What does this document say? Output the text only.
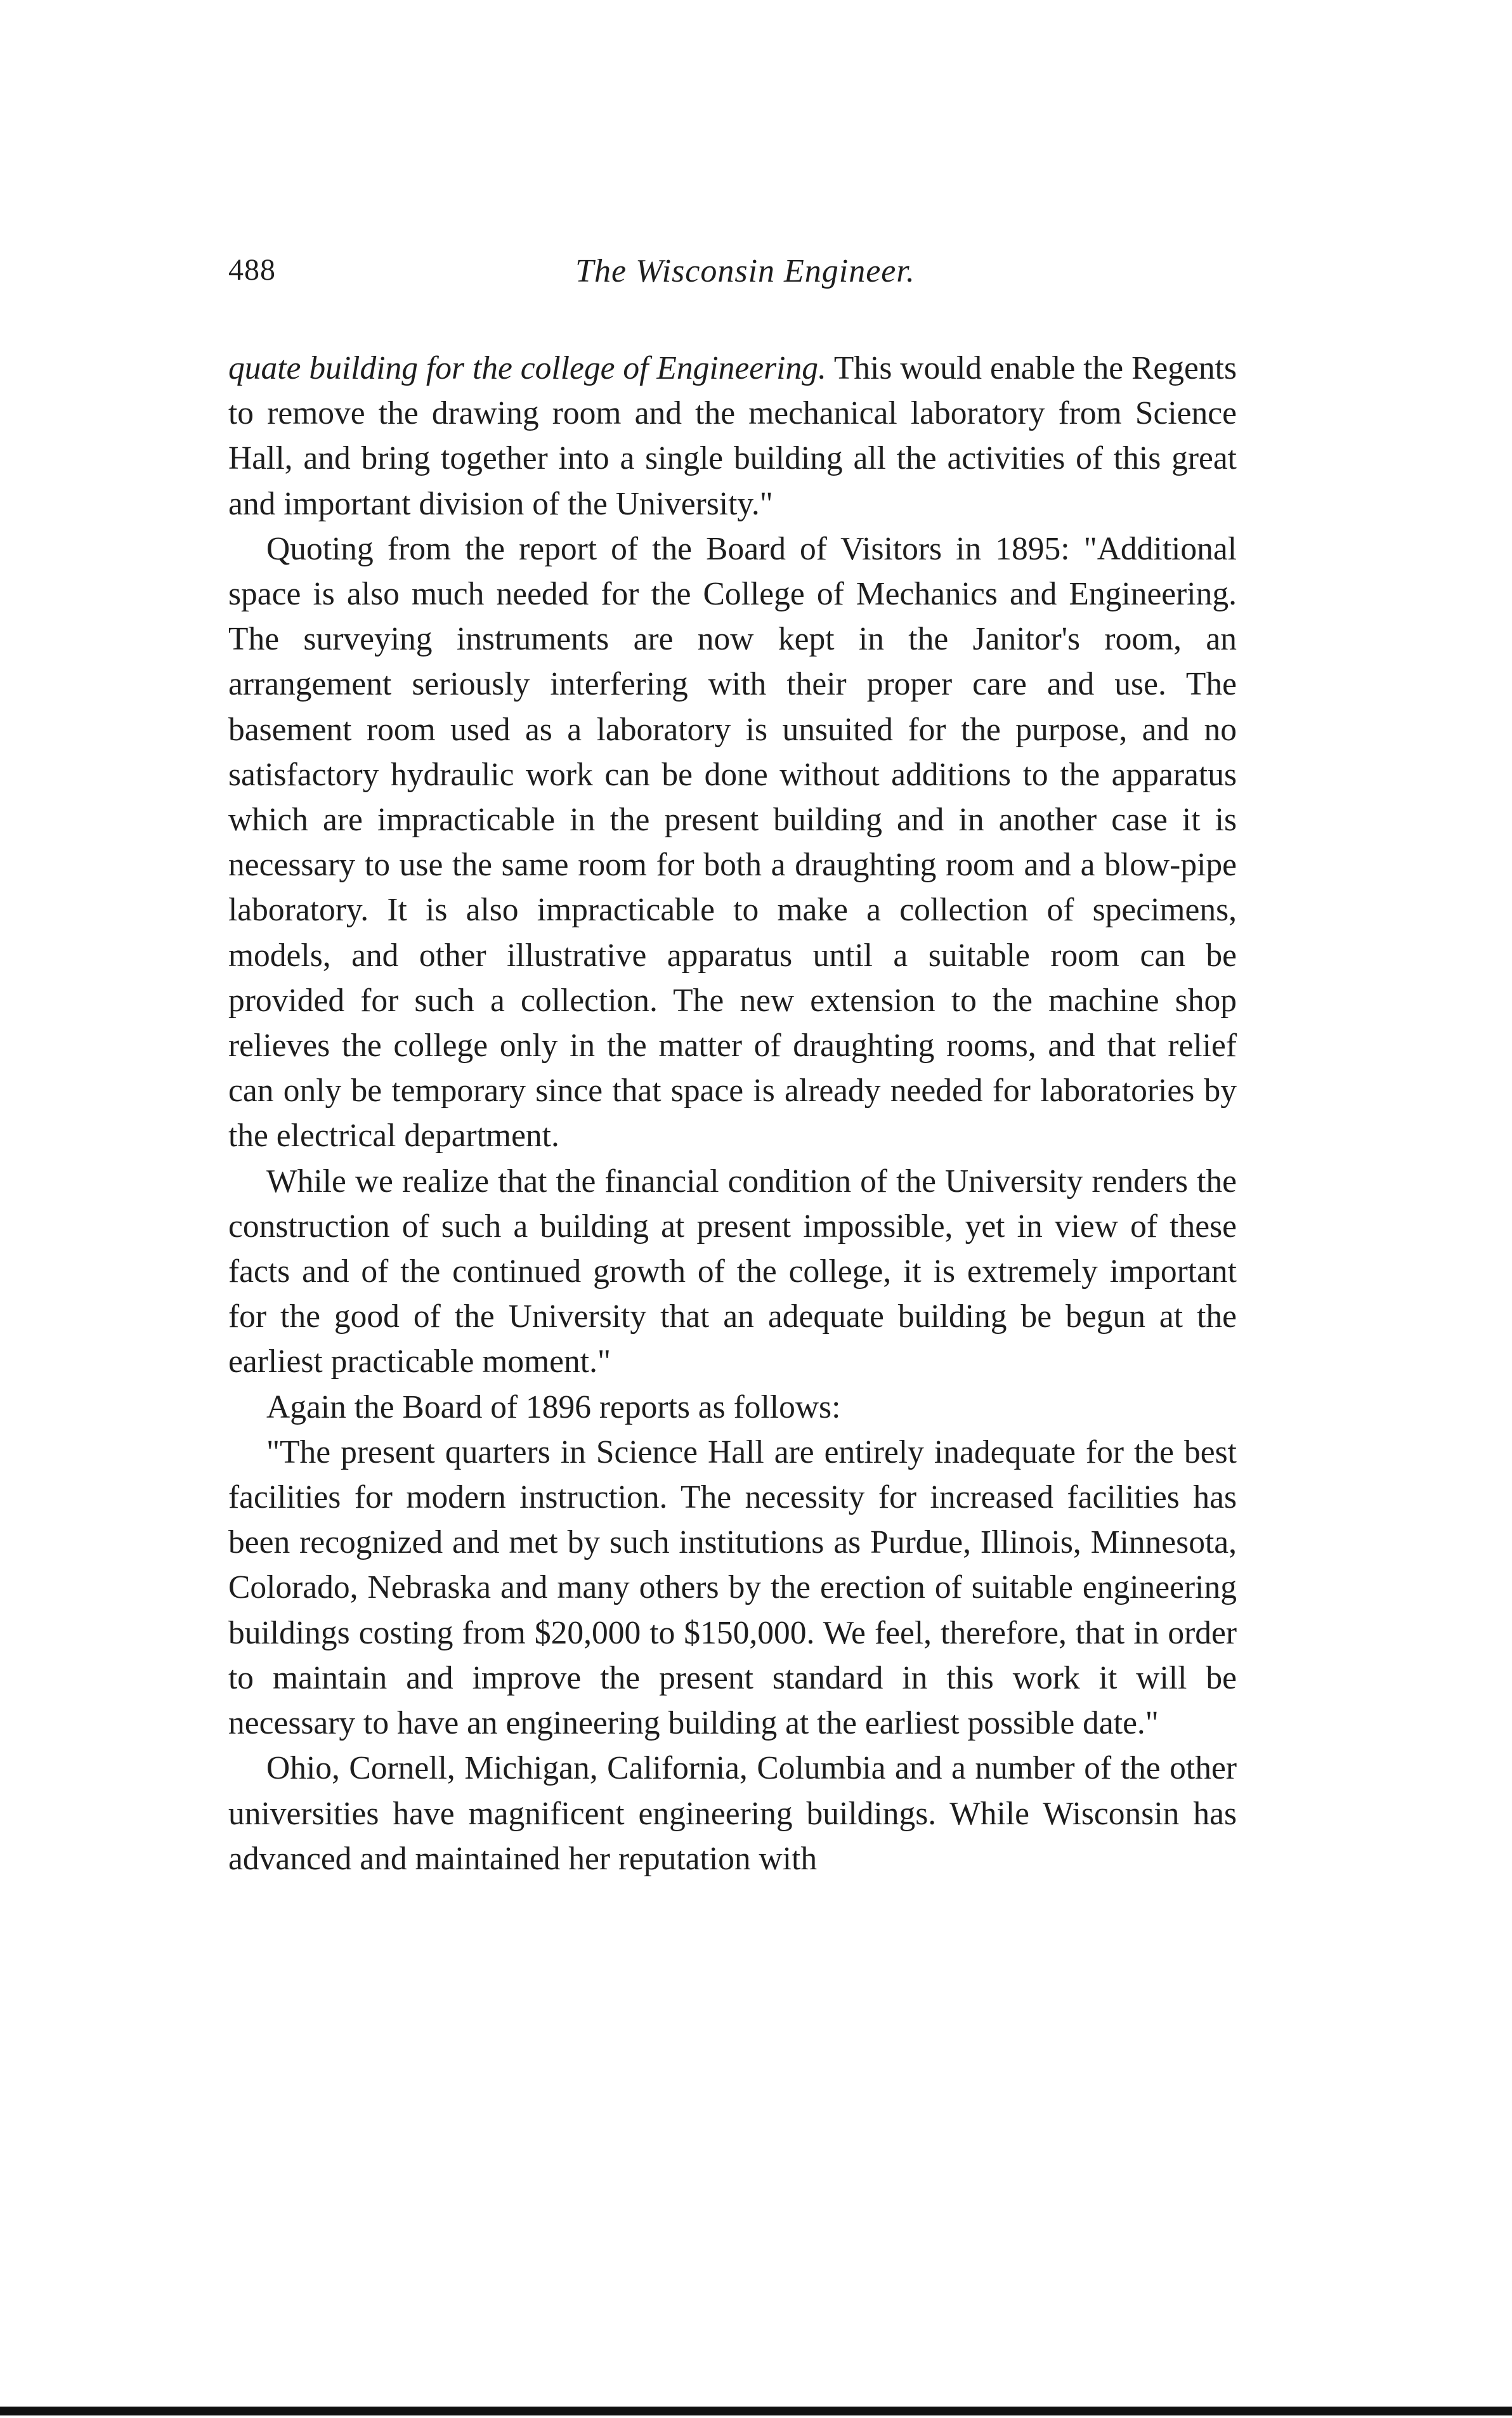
488	The Wisconsin Engineer.

quate building for the college of Engineering. This would enable the Regents to remove the drawing room and the mechanical laboratory from Science Hall, and bring together into a single building all the activities of this great and important division of the University."

Quoting from the report of the Board of Visitors in 1895: "Additional space is also much needed for the College of Mechanics and Engineering. The surveying instruments are now kept in the Janitor's room, an arrangement seriously interfering with their proper care and use. The basement room used as a laboratory is unsuited for the purpose, and no satisfactory hydraulic work can be done without additions to the apparatus which are impracticable in the present building and in another case it is necessary to use the same room for both a draughting room and a blow-pipe laboratory. It is also impracticable to make a collection of specimens, models, and other illustrative apparatus until a suitable room can be provided for such a collection. The new extension to the machine shop relieves the college only in the matter of draughting rooms, and that relief can only be temporary since that space is already needed for laboratories by the electrical department.

While we realize that the financial condition of the University renders the construction of such a building at present impossible, yet in view of these facts and of the continued growth of the college, it is extremely important for the good of the University that an adequate building be begun at the earliest practicable moment."

Again the Board of 1896 reports as follows:

"The present quarters in Science Hall are entirely inadequate for the best facilities for modern instruction. The necessity for increased facilities has been recognized and met by such institutions as Purdue, Illinois, Minnesota, Colorado, Nebraska and many others by the erection of suitable engineering buildings costing from $20,000 to $150,000. We feel, therefore, that in order to maintain and improve the present standard in this work it will be necessary to have an engineering building at the earliest possible date."

Ohio, Cornell, Michigan, California, Columbia and a number of the other universities have magnificent engineering buildings. While Wisconsin has advanced and maintained her reputation with
